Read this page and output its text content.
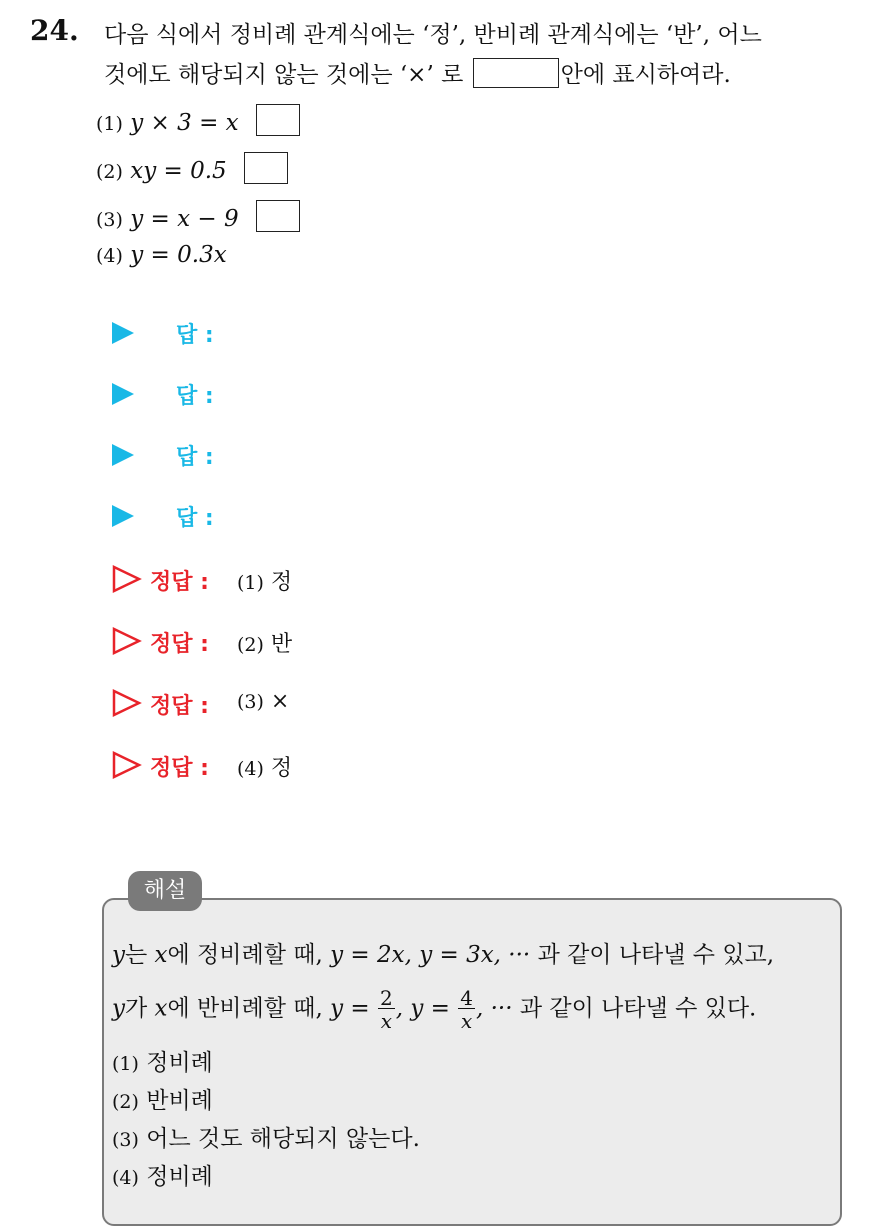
24. 다음 식에서 정비례 관계식에는 ‘정’, 반비례 관계식에는 ‘반’, 어느
것에도 해당되지 않는 것에는 ‘×’ 로	안에 표시하여라.
(1) y × 3 = x
(2) xy = 0.5
(3) y = x − 9
(4) y = 0.3x
답 :
답 :
답 :
답 :
정답 : (1) 정
정답 : (2) 반
정답 : (3) ×
정답 : (4) 정
해설
y는 x에 정비례할 때, y = 2x, y = 3x, ··· 과 같이 나타낼 수 있고,
y가 x에 반비례할 때, $y = \frac{2}{x}$ , $y = \frac{4}{x}$ , ··· 과 같이 나타낼 수 있다.
(1) 정비례
(2) 반비례
(3) 어느 것도 해당되지 않는다.
(4) 정비례
